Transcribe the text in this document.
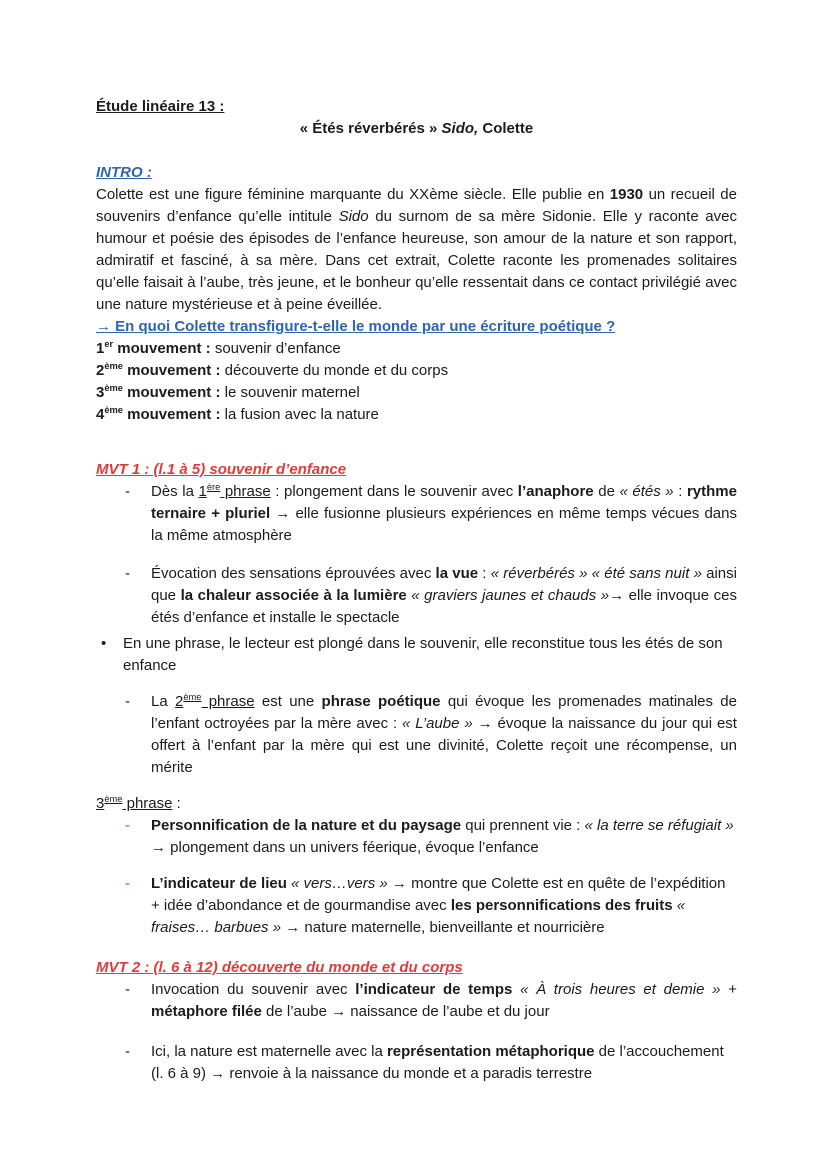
Étude linéaire 13 :
« Étés réverbérés » Sido, Colette
INTRO :
Colette est une figure féminine marquante du XXème siècle. Elle publie en 1930 un recueil de souvenirs d’enfance qu’elle intitule Sido du surnom de sa mère Sidonie. Elle y raconte avec humour et poésie des épisodes de l’enfance heureuse, son amour de la nature et son rapport, admiratif et fasciné, à sa mère. Dans cet extrait, Colette raconte les promenades solitaires qu’elle faisait à l’aube, très jeune, et le bonheur qu’elle ressentait dans ce contact privilégié avec une nature mystérieuse et à peine éveillée.
→ En quoi Colette transfigure-t-elle le monde par une écriture poétique ?
1er mouvement : souvenir d’enfance
2ème mouvement : découverte du monde et du corps
3ème mouvement : le souvenir maternel
4ème mouvement : la fusion avec la nature
MVT 1 : (l.1 à 5) souvenir d’enfance
- Dès la 1ère phrase : plongement dans le souvenir avec l’anaphore de « étés » : rythme ternaire + pluriel → elle fusionne plusieurs expériences en même temps vécues dans la même atmosphère
- Évocation des sensations éprouvées avec la vue : « réverbérés » « été sans nuit » ainsi que la chaleur associée à la lumière « graviers jaunes et chauds »→ elle invoque ces étés d’enfance et installe le spectacle
• En une phrase, le lecteur est plongé dans le souvenir, elle reconstitue tous les étés de son enfance
- La 2ème phrase est une phrase poétique qui évoque les promenades matinales de l’enfant octroyées par la mère avec : « L’aube » → évoque la naissance du jour qui est offert à l’enfant par la mère qui est une divinité, Colette reçoit une récompense, un mérite
3ème phrase :
- Personnification de la nature et du paysage qui prennent vie : « la terre se réfugiait » → plongement dans un univers féerique, évoque l’enfance
- L’indicateur de lieu « vers…vers » → montre que Colette est en quête de l’expédition + idée d’abondance et de gourmandise avec les personnifications des fruits « fraises… barbues » → nature maternelle, bienveillante et nourricière
MVT 2 : (l. 6 à 12) découverte du monde et du corps
- Invocation du souvenir avec l’indicateur de temps « À trois heures et demie » + métaphore filée de l’aube → naissance de l’aube et du jour
- Ici, la nature est maternelle avec la représentation métaphorique de l’accouchement (l. 6 à 9) → renvoie à la naissance du monde et a paradis terrestre
